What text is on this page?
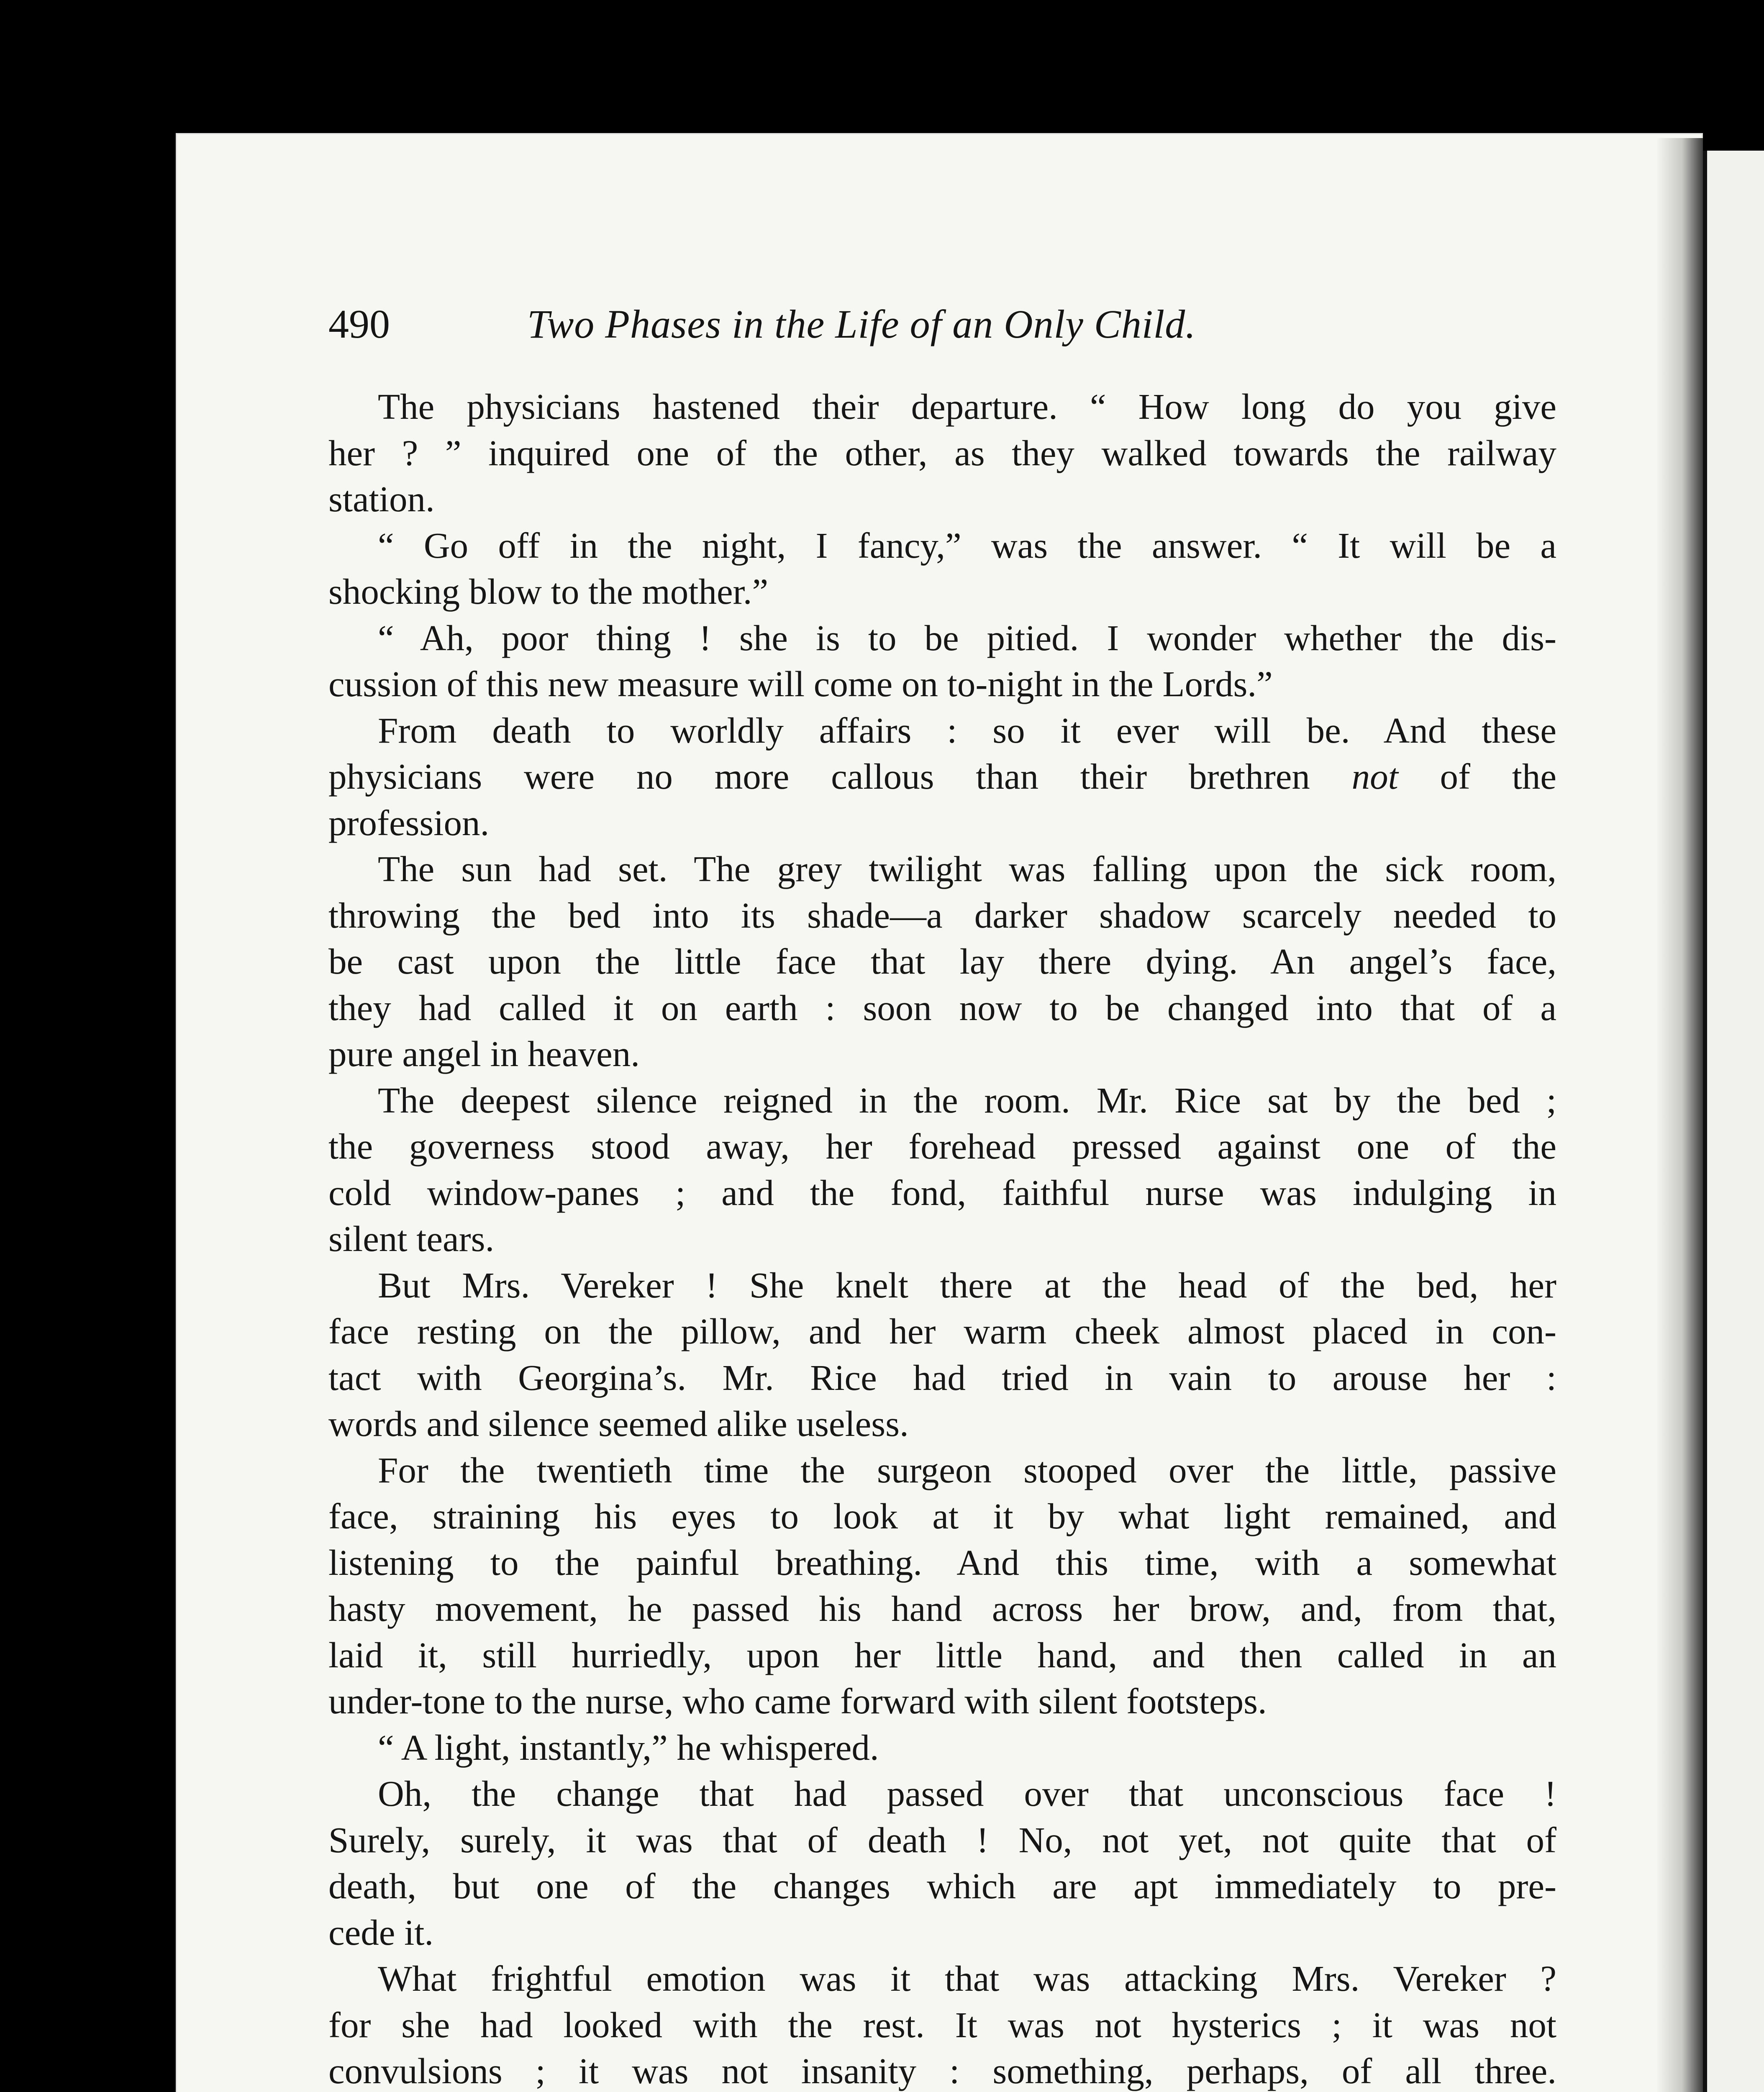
490	Two Phases in the Life of an Only Child.
The physicians hastened their departure. “ How long do you give
her ? ” inquired one of the other, as they walked towards the railway
station.
“ Go off in the night, I fancy,” was the answer. “ It will be a
shocking blow to the mother.”
“ Ah, poor thing ! she is to be pitied. I wonder whether the dis-
cussion of this new measure will come on to-night in the Lords.”
From death to worldly affairs : so it ever will be. And these
physicians were no more callous than their brethren not of the
profession.
The sun had set. The grey twilight was falling upon the sick room,
throwing the bed into its shade—a darker shadow scarcely needed to
be cast upon the little face that lay there dying. An angel’s face,
they had called it on earth : soon now to be changed into that of a
pure angel in heaven.
The deepest silence reigned in the room. Mr. Rice sat by the bed ;
the governess stood away, her forehead pressed against one of the
cold window-panes ; and the fond, faithful nurse was indulging in
silent tears.
But Mrs. Vereker ! She knelt there at the head of the bed, her
face resting on the pillow, and her warm cheek almost placed in con-
tact with Georgina’s. Mr. Rice had tried in vain to arouse her :
words and silence seemed alike useless.
For the twentieth time the surgeon stooped over the little, passive
face, straining his eyes to look at it by what light remained, and
listening to the painful breathing. And this time, with a somewhat
hasty movement, he passed his hand across her brow, and, from that,
laid it, still hurriedly, upon her little hand, and then called in an
under-tone to the nurse, who came forward with silent footsteps.
“ A light, instantly,” he whispered.
Oh, the change that had passed over that unconscious face !
Surely, surely, it was that of death ! No, not yet, not quite that of
death, but one of the changes which are apt immediately to pre-
cede it.
What frightful emotion was it that was attacking Mrs. Vereker ?
for she had looked with the rest. It was not hysterics ; it was not
convulsions ; it was not insanity : something, perhaps, of all three.
